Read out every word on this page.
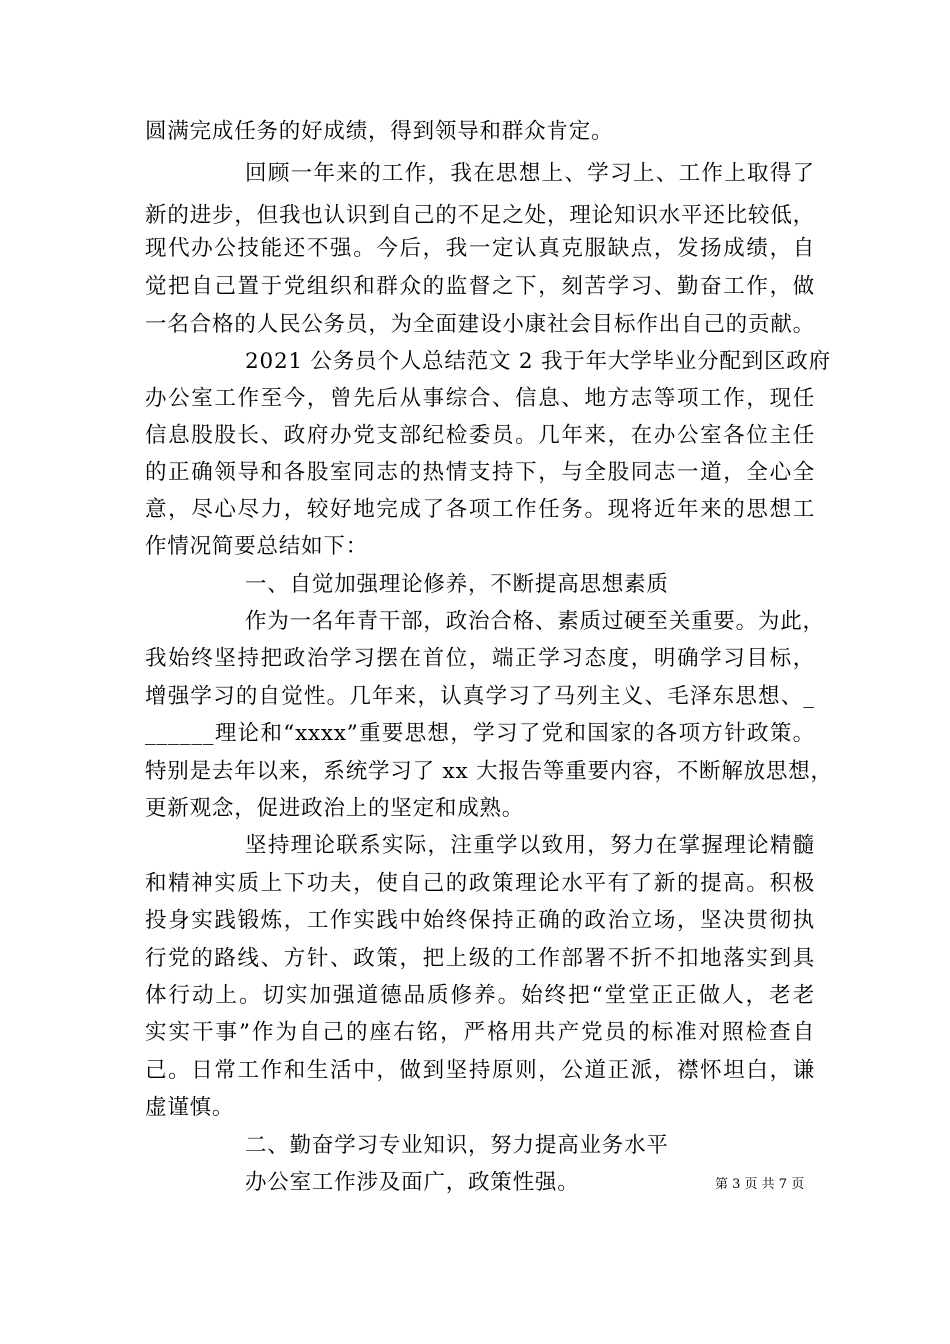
圆满完成任务的好成绩，得到领导和群众肯定。
回顾一年来的工作，我在思想上、学习上、工作上取得了
新的进步，但我也认识到自己的不足之处，理论知识水平还比较低，
现代办公技能还不强。今后，我一定认真克服缺点，发扬成绩，自
觉把自己置于党组织和群众的监督之下，刻苦学习、勤奋工作，做
一名合格的人民公务员，为全面建设小康社会目标作出自己的贡献。
2021 公务员个人总结范文 2 我于年大学毕业分配到区政府
办公室工作至今，曾先后从事综合、信息、地方志等项工作，现任
信息股股长、政府办党支部纪检委员。几年来，在办公室各位主任
的正确领导和各股室同志的热情支持下，与全股同志一道，全心全
意，尽心尽力，较好地完成了各项工作任务。现将近年来的思想工
作情况简要总结如下：
一、自觉加强理论修养，不断提高思想素质
作为一名年青干部，政治合格、素质过硬至关重要。为此，
我始终坚持把政治学习摆在首位，端正学习态度，明确学习目标，
增强学习的自觉性。几年来，认真学习了马列主义、毛泽东思想、_
______理论和“xxxx”重要思想，学习了党和国家的各项方针政策。
特别是去年以来，系统学习了 xx 大报告等重要内容，不断解放思想，
更新观念，促进政治上的坚定和成熟。
坚持理论联系实际，注重学以致用，努力在掌握理论精髓
和精神实质上下功夫，使自己的政策理论水平有了新的提高。积极
投身实践锻炼，工作实践中始终保持正确的政治立场，坚决贯彻执
行党的路线、方针、政策，把上级的工作部署不折不扣地落实到具
体行动上。切实加强道德品质修养。始终把“堂堂正正做人，老老
实实干事”作为自己的座右铭，严格用共产党员的标准对照检查自
己。日常工作和生活中，做到坚持原则，公道正派，襟怀坦白，谦
虚谨慎。
二、勤奋学习专业知识，努力提高业务水平
办公室工作涉及面广，政策性强。	第 3 页 共 7 页
